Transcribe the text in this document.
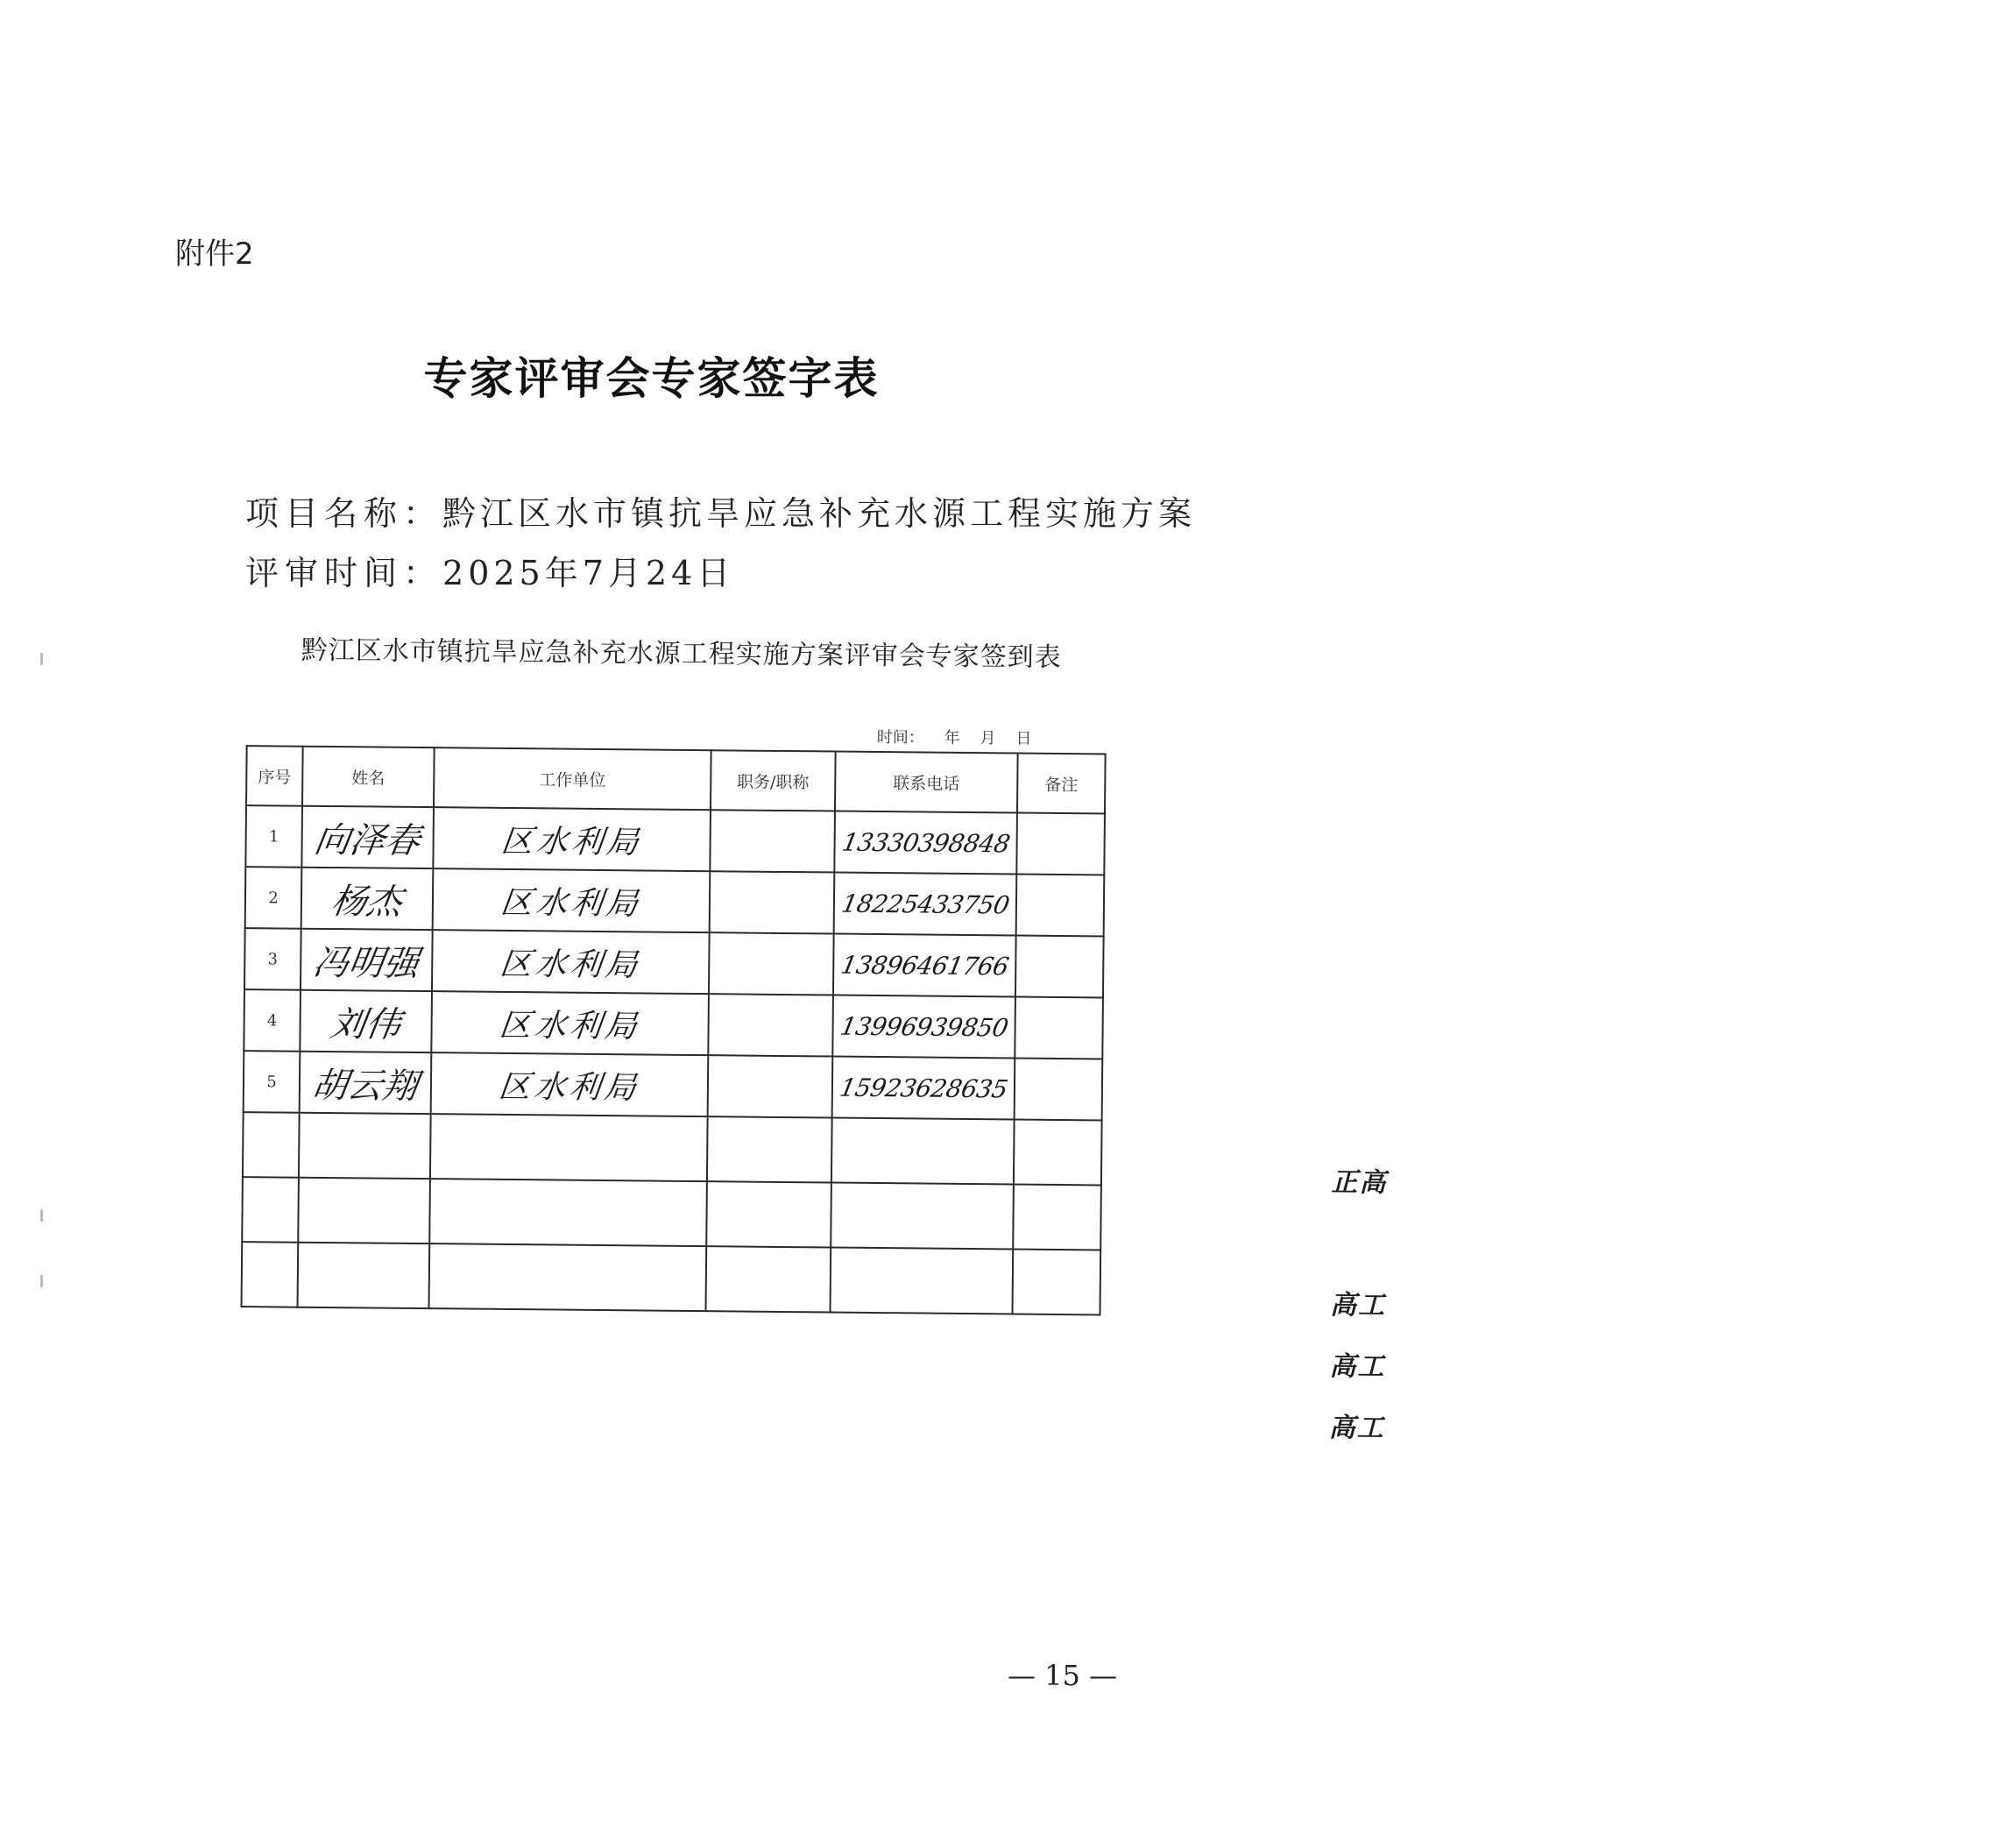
附件2
专家评审会专家签字表
项目名称：黔江区水市镇抗旱应急补充水源工程实施方案
评审时间：2025年7月24日
黔江区水市镇抗旱应急补充水源工程实施方案评审会专家签到表
时间： 年 月 日
序号	姓名	工作单位	职务/职称	联系电话	备注
1	向泽春	区水利局	正高	13330398848	
2	杨杰	区水利局		18225433750	
3	冯明强	区水利局	高工	13896461766	
4	刘伟	区水利局	高工	13996939850	
5	胡云翔	区水利局	高工	15923628635	

— 15 —
